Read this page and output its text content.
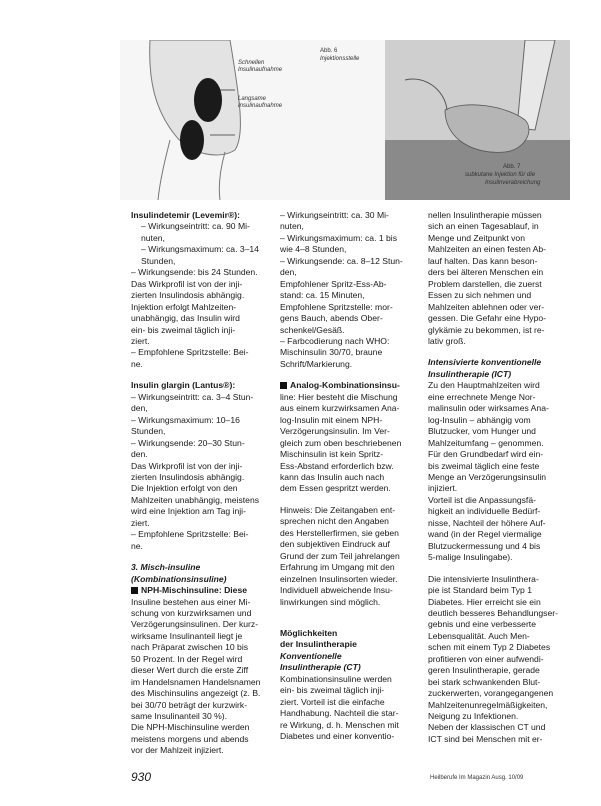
Schnellen Insulinaufnahme
Langsame Insulinaufnahme
Abb. 6
Injektionsstelle
Abb. 7
subkutane Injektion für die
Insulinverabreichung

Insulindetemir (Levemir®):

– Wirkungseintritt: ca. 90 Mi-

nuten,

– Wirkungsmaximum: ca. 3–14

Stunden,

– Wirkungsende: bis 24 Stunden.

Das Wirkprofil ist von der inji-

zierten Insulindosis abhängig.

Injektion erfolgt Mahlzeiten-

unabhängig, das Insulin wird

ein- bis zweimal täglich inji-

ziert.

– Empfohlene Spritzstelle: Bei-

ne.

Insulin glargin (Lantus®):

– Wirkungseintritt: ca. 3–4 Stun-

den,

– Wirkungsmaximum: 10–16

Stunden,

– Wirkungsende: 20–30 Stun-

den.

Das Wirkprofil ist von der inji-

zierten Insulindosis abhängig.

Die Injektion erfolgt von den

Mahlzeiten unabhängig, meistens

wird eine Injektion am Tag inji-

ziert.

– Empfohlene Spritzstelle: Bei-

ne.

3. Misch-insuline

(Kombinationsinsuline)

NPH-Mischinsuline: Diese

Insuline bestehen aus einer Mi-

schung von kurzwirksamen und

Verzögerungsinsulinen. Der kurz-

wirksame Insulinanteil liegt je

nach Präparat zwischen 10 bis

50 Prozent. In der Regel wird

dieser Wert durch die erste Ziff

im Handelsnamen Handelsnamen

des Mischinsulins angezeigt (z. B.

bei 30/70 beträgt der kurzwirk-

same Insulinanteil 30 %).

Die NPH-Mischinsuline werden

meistens morgens und abends

vor der Mahlzeit injiziert.

– Wirkungseintritt: ca. 30 Mi-

nuten,

– Wirkungsmaximum: ca. 1 bis

wie 4–8 Stunden,

– Wirkungsende: ca. 8–12 Stun-

den,

Empfohlener Spritz-Ess-Ab-

stand: ca. 15 Minuten,

Empfohlene Spritzstelle: mor-

gens Bauch, abends Ober-

schenkel/Gesäß.

– Farbcodierung nach WHO:

Mischinsulin 30/70, braune

Schrift/Markierung.

Analog-Kombinationsinsu-

line: Hier besteht die Mischung

aus einem kurzwirksamen Ana-

log-Insulin mit einem NPH-

Verzögerungsinsulin. Im Ver-

gleich zum oben beschriebenen

Mischinsulin ist kein Spritz-

Ess-Abstand erforderlich bzw.

kann das Insulin auch nach

dem Essen gespritzt werden.

Hinweis: Die Zeitangaben ent-

sprechen nicht den Angaben

des Herstellerfirmen, sie geben

den subjektiven Eindruck auf

Grund der zum Teil jahrelangen

Erfahrung im Umgang mit den

einzelnen Insulinsorten wieder.

Individuell abweichende Insu-

linwirkungen sind möglich.

Möglichkeiten

der Insulintherapie

Konventionelle

Insulintherapie (CT)

Kombinationsinsuline werden

ein- bis zweimal täglich inji-

ziert. Vorteil ist die einfache

Handhabung. Nachteil die star-

re Wirkung, d. h. Menschen mit

Diabetes und einer konventio-

nellen Insulintherapie müssen

sich an einen Tagesablauf, in

Menge und Zeitpunkt von

Mahlzeiten an einen festen Ab-

lauf halten. Das kann beson-

ders bei älteren Menschen ein

Problem darstellen, die zuerst

Essen zu sich nehmen und

Mahlzeiten ablehnen oder ver-

gessen. Die Gefahr eine Hypo-

glykämie zu bekommen, ist re-

lativ groß.

Intensivierte konventionelle

Insulintherapie (ICT)

Zu den Hauptmahlzeiten wird

eine errechnete Menge Nor-

malinsulin oder wirksames Ana-

log-Insulin – abhängig vom

Blutzucker, vom Hunger und

Mahlzeitumfang – genommen.

Für den Grundbedarf wird ein-

bis zweimal täglich eine feste

Menge an Verzögerungsinsulin

injiziert.

Vorteil ist die Anpassungsfä-

higkeit an individuelle Bedürf-

nisse, Nachteil der höhere Auf-

wand (in der Regel viermalige

Blutzuckermessung und 4 bis

5-malige Insulingabe).

Die intensivierte Insulinthera-

pie ist Standard beim Typ 1

Diabetes. Hier erreicht sie ein

deutlich besseres Behandlungser-

gebnis und eine verbesserte

Lebensqualität. Auch Men-

schen mit einem Typ 2 Diabetes

profitieren von einer aufwendi-

geren Insulintherapie, gerade

bei stark schwankenden Blut-

zuckerwerten, vorangegangenen

Mahlzeitenunregelmäßigkeiten,

Neigung zu Infektionen.

Neben der klassischen CT und

ICT sind bei Menschen mit er-

930	Heilberufe Im Magazin Ausg. 10/09
